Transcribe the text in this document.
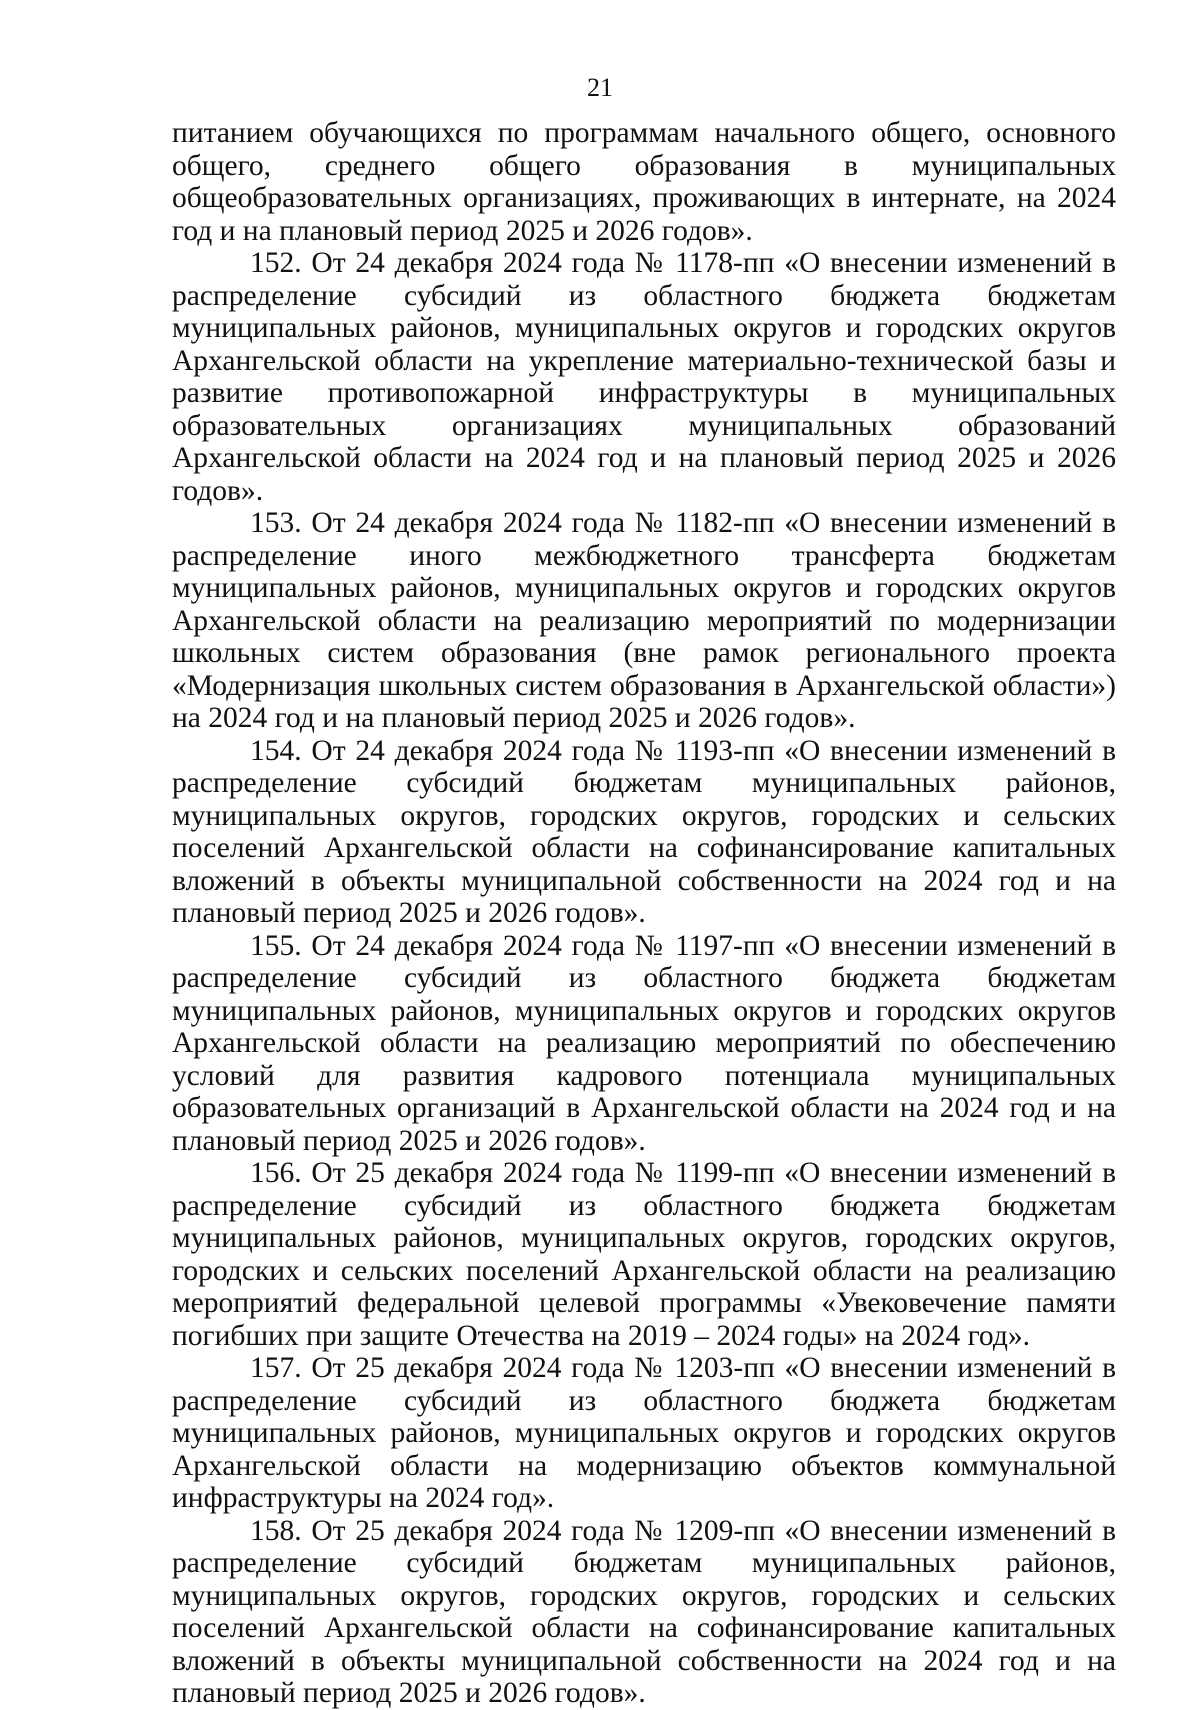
21

питанием обучающихся по программам начального общего, основного общего, среднего общего образования в муниципальных общеобразовательных организациях, проживающих в интернате, на 2024 год и на плановый период 2025 и 2026 годов».

152. От 24 декабря 2024 года № 1178-пп «О внесении изменений в распределение субсидий из областного бюджета бюджетам муниципальных районов, муниципальных округов и городских округов Архангельской области на укрепление материально-технической базы и развитие противопожарной инфраструктуры в муниципальных образовательных организациях муниципальных образований Архангельской области на 2024 год и на плановый период 2025 и 2026 годов».

153. От 24 декабря 2024 года № 1182-пп «О внесении изменений в распределение иного межбюджетного трансферта бюджетам муниципальных районов, муниципальных округов и городских округов Архангельской области на реализацию мероприятий по модернизации школьных систем образования (вне рамок регионального проекта «Модернизация школьных систем образования в Архангельской области») на 2024 год и на плановый период 2025 и 2026 годов».

154. От 24 декабря 2024 года № 1193-пп «О внесении изменений в распределение субсидий бюджетам муниципальных районов, муниципальных округов, городских округов, городских и сельских поселений Архангельской области на софинансирование капитальных вложений в объекты муниципальной собственности на 2024 год и на плановый период 2025 и 2026 годов».

155. От 24 декабря 2024 года № 1197-пп «О внесении изменений в распределение субсидий из областного бюджета бюджетам муниципальных районов, муниципальных округов и городских округов Архангельской области на реализацию мероприятий по обеспечению условий для развития кадрового потенциала муниципальных образовательных организаций в Архангельской области на 2024 год и на плановый период 2025 и 2026 годов».

156. От 25 декабря 2024 года № 1199-пп «О внесении изменений в распределение субсидий из областного бюджета бюджетам муниципальных районов, муниципальных округов, городских округов, городских и сельских поселений Архангельской области на реализацию мероприятий федеральной целевой программы «Увековечение памяти погибших при защите Отечества на 2019 – 2024 годы» на 2024 год».

157. От 25 декабря 2024 года № 1203-пп «О внесении изменений в распределение субсидий из областного бюджета бюджетам муниципальных районов, муниципальных округов и городских округов Архангельской области на модернизацию объектов коммунальной инфраструктуры на 2024 год».

158. От 25 декабря 2024 года № 1209-пп «О внесении изменений в распределение субсидий бюджетам муниципальных районов, муниципальных округов, городских округов, городских и сельских поселений Архангельской области на софинансирование капитальных вложений в объекты муниципальной собственности на 2024 год и на плановый период 2025 и 2026 годов».
